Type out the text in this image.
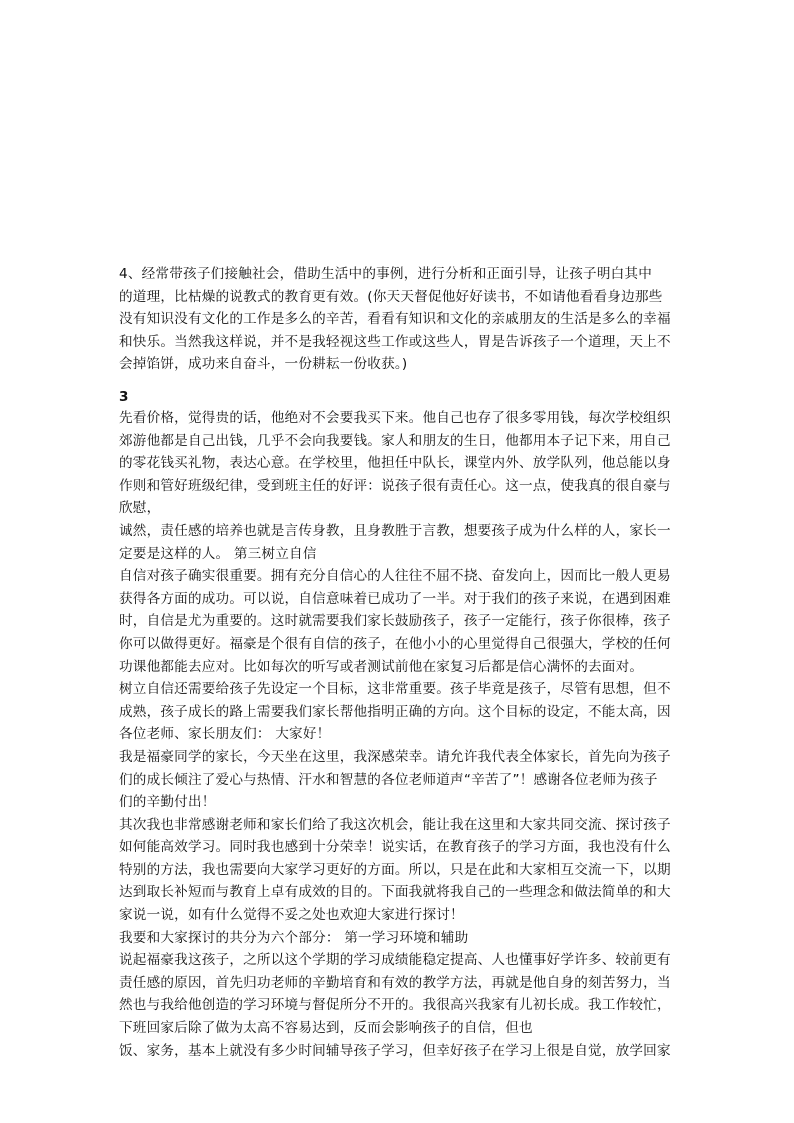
4、经常带孩子们接触社会，借助生活中的事例，进行分析和正面引导，让孩子明白其中
的道理，比枯燥的说教式的教育更有效。(你天天督促他好好读书，不如请他看看身边那些
没有知识没有文化的工作是多么的辛苦，看看有知识和文化的亲戚朋友的生活是多么的幸福
和快乐。当然我这样说，并不是我轻视这些工作或这些人，胃是告诉孩子一个道理，天上不
会掉馅饼，成功来自奋斗，一份耕耘一份收获。)
3
先看价格，觉得贵的话，他绝对不会要我买下来。他自己也存了很多零用钱，每次学校组织
郊游他都是自己出钱，几乎不会向我要钱。家人和朋友的生日，他都用本子记下来，用自己
的零花钱买礼物，表达心意。在学校里，他担任中队长，课堂内外、放学队列，他总能以身
作则和管好班级纪律，受到班主任的好评：说孩子很有责任心。这一点，使我真的很自豪与
欣慰，
诚然，责任感的培养也就是言传身教，且身教胜于言教，想要孩子成为什么样的人，家长一
定要是这样的人。 第三树立自信
自信对孩子确实很重要。拥有充分自信心的人往往不屈不挠、奋发向上，因而比一般人更易
获得各方面的成功。可以说，自信意味着已成功了一半。对于我们的孩子来说，在遇到困难
时，自信是尤为重要的。这时就需要我们家长鼓励孩子，孩子一定能行，孩子你很棒，孩子
你可以做得更好。福豪是个很有自信的孩子，在他小小的心里觉得自己很强大，学校的任何
功课他都能去应对。比如每次的听写或者测试前他在家复习后都是信心满怀的去面对。
树立自信还需要给孩子先设定一个目标，这非常重要。孩子毕竟是孩子，尽管有思想，但不
成熟，孩子成长的路上需要我们家长帮他指明正确的方向。这个目标的设定，不能太高，因
各位老师、家长朋友们： 大家好！
我是福豪同学的家长，今天坐在这里，我深感荣幸。请允许我代表全体家长，首先向为孩子
们的成长倾注了爱心与热情、汗水和智慧的各位老师道声“辛苦了”！感谢各位老师为孩子
们的辛勤付出！
其次我也非常感谢老师和家长们给了我这次机会，能让我在这里和大家共同交流、探讨孩子
如何能高效学习。同时我也感到十分荣幸！说实话，在教育孩子的学习方面，我也没有什么
特别的方法，我也需要向大家学习更好的方面。所以，只是在此和大家相互交流一下，以期
达到取长补短而与教育上卓有成效的目的。下面我就将我自己的一些理念和做法简单的和大
家说一说，如有什么觉得不妥之处也欢迎大家进行探讨！
我要和大家探讨的共分为六个部分： 第一学习环境和辅助
说起福豪我这孩子，之所以这个学期的学习成绩能稳定提高、人也懂事好学许多、较前更有
责任感的原因，首先归功老师的辛勤培育和有效的教学方法，再就是他自身的刻苦努力，当
然也与我给他创造的学习环境与督促所分不开的。我很高兴我家有儿初长成。我工作较忙，
下班回家后除了做为太高不容易达到，反而会影响孩子的自信，但也
饭、家务，基本上就没有多少时间辅导孩子学习，但幸好孩子在学习上很是自觉，放学回家
